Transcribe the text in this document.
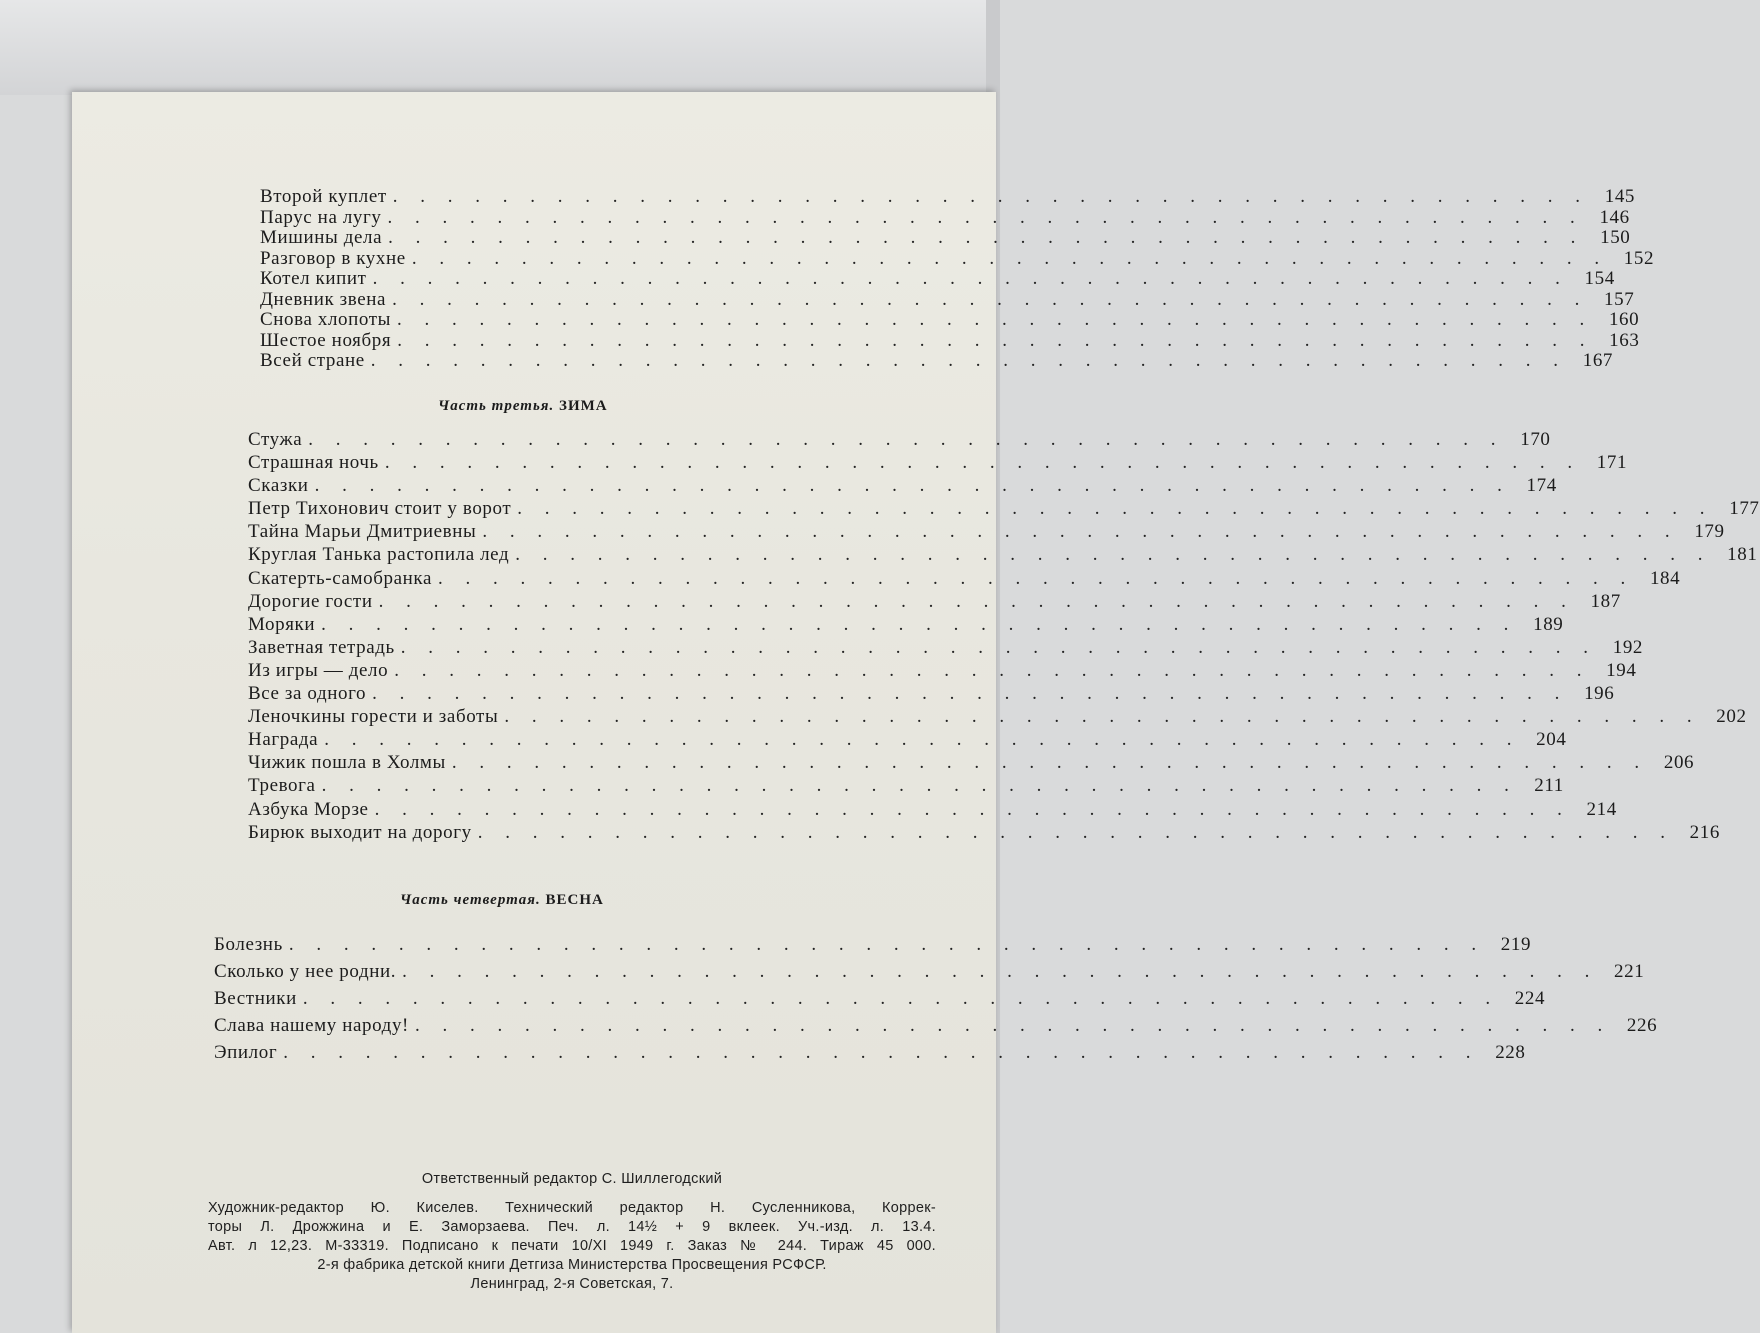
Второй куплет . . . . . . . . . . . . . . . . . . . . . . . . . . . . . . . . . . . . . . . . . . . . 145
Парус на лугу . . . . . . . . . . . . . . . . . . . . . . . . . . . . . . . . . . . . . . . . . . . . 146
Мишины дела . . . . . . . . . . . . . . . . . . . . . . . . . . . . . . . . . . . . . . . . . . . . 150
Разговор в кухне . . . . . . . . . . . . . . . . . . . . . . . . . . . . . . . . . . . . . . . . . . . . 152
Котел кипит . . . . . . . . . . . . . . . . . . . . . . . . . . . . . . . . . . . . . . . . . . . . 154
Дневник звена . . . . . . . . . . . . . . . . . . . . . . . . . . . . . . . . . . . . . . . . . . . . 157
Снова хлопоты . . . . . . . . . . . . . . . . . . . . . . . . . . . . . . . . . . . . . . . . . . . . 160
Шестое ноября . . . . . . . . . . . . . . . . . . . . . . . . . . . . . . . . . . . . . . . . . . . . 163
Всей стране . . . . . . . . . . . . . . . . . . . . . . . . . . . . . . . . . . . . . . . . . . . . 167
Часть третья. ЗИМА
Стужа . . . . . . . . . . . . . . . . . . . . . . . . . . . . . . . . . . . . . . . . . . . . 170
Страшная ночь . . . . . . . . . . . . . . . . . . . . . . . . . . . . . . . . . . . . . . . . . . . . 171
Сказки . . . . . . . . . . . . . . . . . . . . . . . . . . . . . . . . . . . . . . . . . . . . 174
Петр Тихонович стоит у ворот . . . . . . . . . . . . . . . . . . . . . . . . . . . . . . . . . . . . . . . . . . . . 177
Тайна Марьи Дмитриевны . . . . . . . . . . . . . . . . . . . . . . . . . . . . . . . . . . . . . . . . . . . . 179
Круглая Танька растопила лед . . . . . . . . . . . . . . . . . . . . . . . . . . . . . . . . . . . . . . . . . . . . 181
Скатерть-самобранка . . . . . . . . . . . . . . . . . . . . . . . . . . . . . . . . . . . . . . . . . . . . 184
Дорогие гости . . . . . . . . . . . . . . . . . . . . . . . . . . . . . . . . . . . . . . . . . . . . 187
Моряки . . . . . . . . . . . . . . . . . . . . . . . . . . . . . . . . . . . . . . . . . . . . 189
Заветная тетрадь . . . . . . . . . . . . . . . . . . . . . . . . . . . . . . . . . . . . . . . . . . . . 192
Из игры — дело . . . . . . . . . . . . . . . . . . . . . . . . . . . . . . . . . . . . . . . . . . . . 194
Все за одного . . . . . . . . . . . . . . . . . . . . . . . . . . . . . . . . . . . . . . . . . . . . 196
Леночкины горести и заботы . . . . . . . . . . . . . . . . . . . . . . . . . . . . . . . . . . . . . . . . . . . . 202
Награда . . . . . . . . . . . . . . . . . . . . . . . . . . . . . . . . . . . . . . . . . . . . 204
Чижик пошла в Холмы . . . . . . . . . . . . . . . . . . . . . . . . . . . . . . . . . . . . . . . . . . . . 206
Тревога . . . . . . . . . . . . . . . . . . . . . . . . . . . . . . . . . . . . . . . . . . . . 211
Азбука Морзе . . . . . . . . . . . . . . . . . . . . . . . . . . . . . . . . . . . . . . . . . . . . 214
Бирюк выходит на дорогу . . . . . . . . . . . . . . . . . . . . . . . . . . . . . . . . . . . . . . . . . . . . 216
Часть четвертая. ВЕСНА
Болезнь . . . . . . . . . . . . . . . . . . . . . . . . . . . . . . . . . . . . . . . . . . . . 219
Сколько у нее родни. . . . . . . . . . . . . . . . . . . . . . . . . . . . . . . . . . . . . . . . . . . . . 221
Вестники . . . . . . . . . . . . . . . . . . . . . . . . . . . . . . . . . . . . . . . . . . . . 224
Слава нашему народу! . . . . . . . . . . . . . . . . . . . . . . . . . . . . . . . . . . . . . . . . . . . . 226
Эпилог . . . . . . . . . . . . . . . . . . . . . . . . . . . . . . . . . . . . . . . . . . . . 228
Ответственный редактор С. Шиллегодский
Художник-редактор Ю. Киселев. Технический редактор Н. Сусленникова, Коррек-
торы Л. Дрожжина и Е. Заморзаева. Печ. л. 14½ + 9 вклеек. Уч.-изд. л. 13.4.
Авт. л 12,23. М-33319. Подписано к печати 10/XI 1949 г. Заказ № 244. Тираж 45 000.
2-я фабрика детской книги Детгиза Министерства Просвещения РСФСР.
Ленинград, 2-я Советская, 7.
